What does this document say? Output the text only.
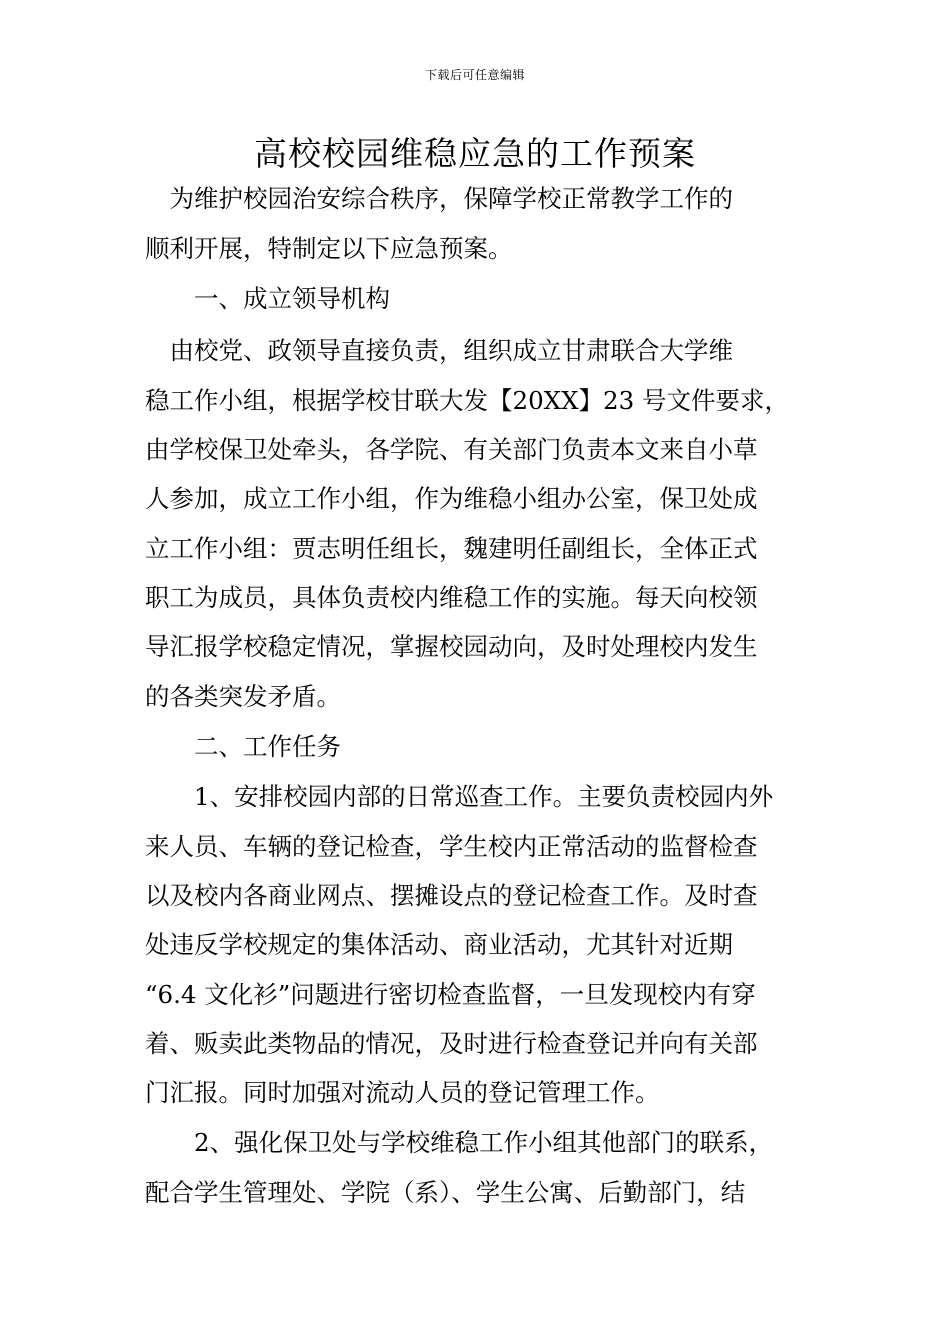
下载后可任意编辑
高校校园维稳应急的工作预案
　为维护校园治安综合秩序，保障学校正常教学工作的
顺利开展，特制定以下应急预案。
　　一、成立领导机构
　由校党、政领导直接负责，组织成立甘肃联合大学维
稳工作小组，根据学校甘联大发【20XX】23 号文件要求，
由学校保卫处牵头，各学院、有关部门负责本文来自小草
人参加，成立工作小组，作为维稳小组办公室，保卫处成
立工作小组：贾志明任组长，魏建明任副组长，全体正式
职工为成员，具体负责校内维稳工作的实施。每天向校领
导汇报学校稳定情况，掌握校园动向，及时处理校内发生
的各类突发矛盾。
　　二、工作任务
　　1、安排校园内部的日常巡查工作。主要负责校园内外
来人员、车辆的登记检查，学生校内正常活动的监督检查
以及校内各商业网点、摆摊设点的登记检查工作。及时查
处违反学校规定的集体活动、商业活动，尤其针对近期
“6.4 文化衫”问题进行密切检查监督，一旦发现校内有穿
着、贩卖此类物品的情况，及时进行检查登记并向有关部
门汇报。同时加强对流动人员的登记管理工作。
　　2、强化保卫处与学校维稳工作小组其他部门的联系，
配合学生管理处、学院（系）、学生公寓、后勤部门，结
